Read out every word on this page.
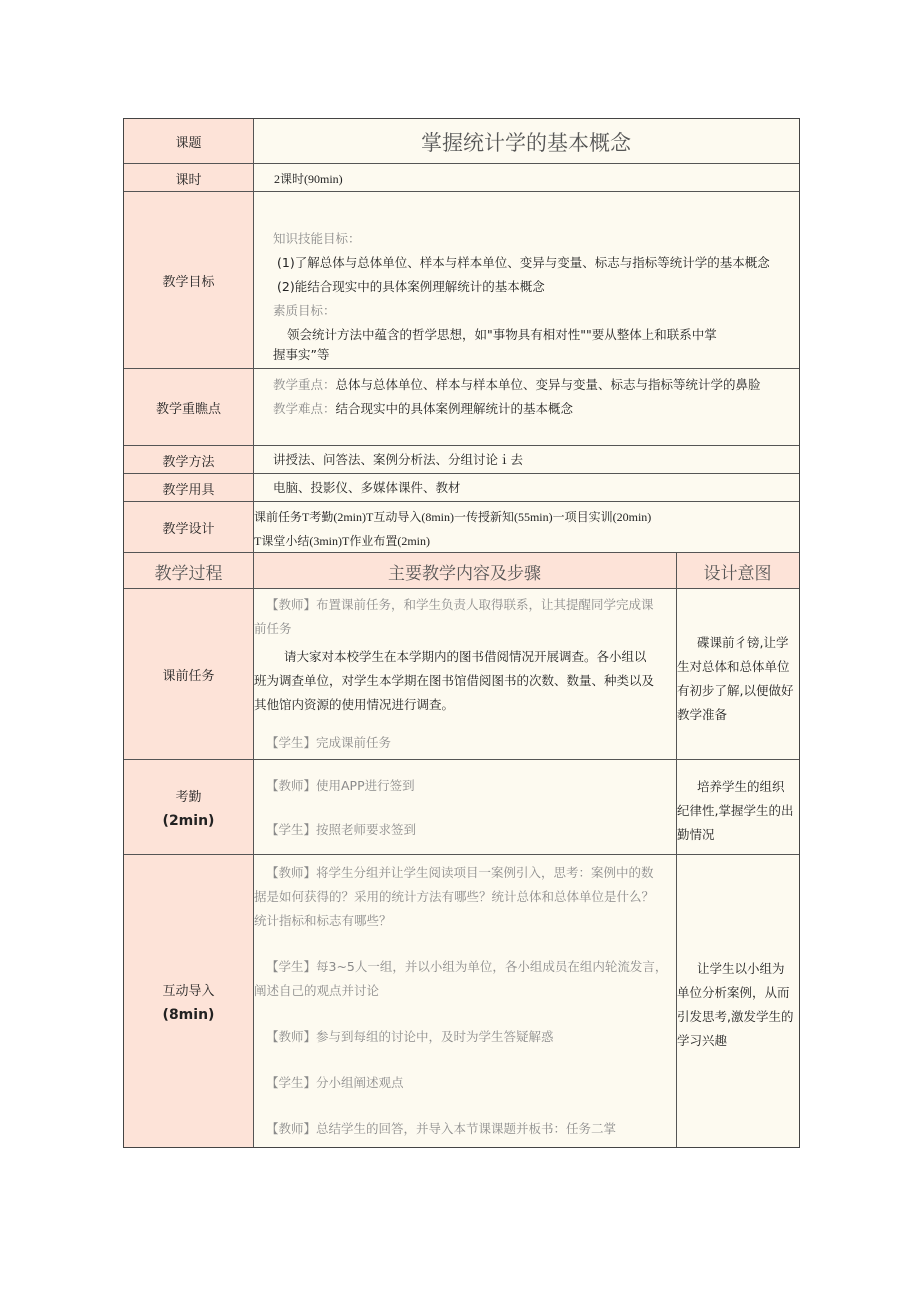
课题
课时
教学目标
教学重瞧点
教学方法
教学用具
教学设计
教学过程	主要教学内容及步骤	设计意图
课前任务
考勤
(2min)
互动导入
(8min)
掌握统计学的基本概念
2课时(90min)

知识技能目标：

(1)了解总体与总体单位、样本与样本单位、变异与变量、标志与指标等统计学的基本概念

(2)能结合现实中的具体案例理解统计的基本概念

素质目标：

领会统计方法中蕴含的哲学思想，如"事物具有相对性""要从整体上和联系中掌

握事实”等

教学重点：总体与总体单位、样本与样本单位、变异与变量、标志与指标等统计学的鼻脸

教学难点：结合现实中的具体案例理解统计的基本概念

讲授法、问答法、案例分析法、分组讨论ｉ去
电脑、投影仪、多媒体课件、教材

课前任务T考勤(2min)T互动导入(8min)一传授新知(55min)一项目实训(20min)

T课堂小结(3min)T作业布置(2min)

【教师】布置课前任务，和学生负责人取得联系，让其提醒同学完成课

前任务

请大家对本校学生在本学期内的图书借阅情况开展调查。各小组以

班为调查单位，对学生本学期在图书馆借阅图书的次数、数量、种类以及

其他馆内资源的使用情况进行调查。

【学生】完成课前任务

碟课前彳镑,让学

生对总体和总体单位

有初步了解,以便做好

教学准备

【教师】使用APP进行签到

【学生】按照老师要求签到

培养学生的组织

纪律性,掌握学生的出

勤情况

【教师】将学生分组并让学生阅读项目一案例引入，思考：案例中的数

据是如何获得的？采用的统计方法有哪些？统计总体和总体单位是什么？

统计指标和标志有哪些？

【学生】每3~5人一组，并以小组为单位，各小组成员在组内轮流发言，

阐述自己的观点并讨论

【教师】参与到每组的讨论中，及时为学生答疑解惑

【学生】分小组阐述观点

【教师】总结学生的回答，并导入本节课课题并板书：任务二掌

让学生以小组为

单位分析案例，从而

引发思考,激发学生的

学习兴趣
